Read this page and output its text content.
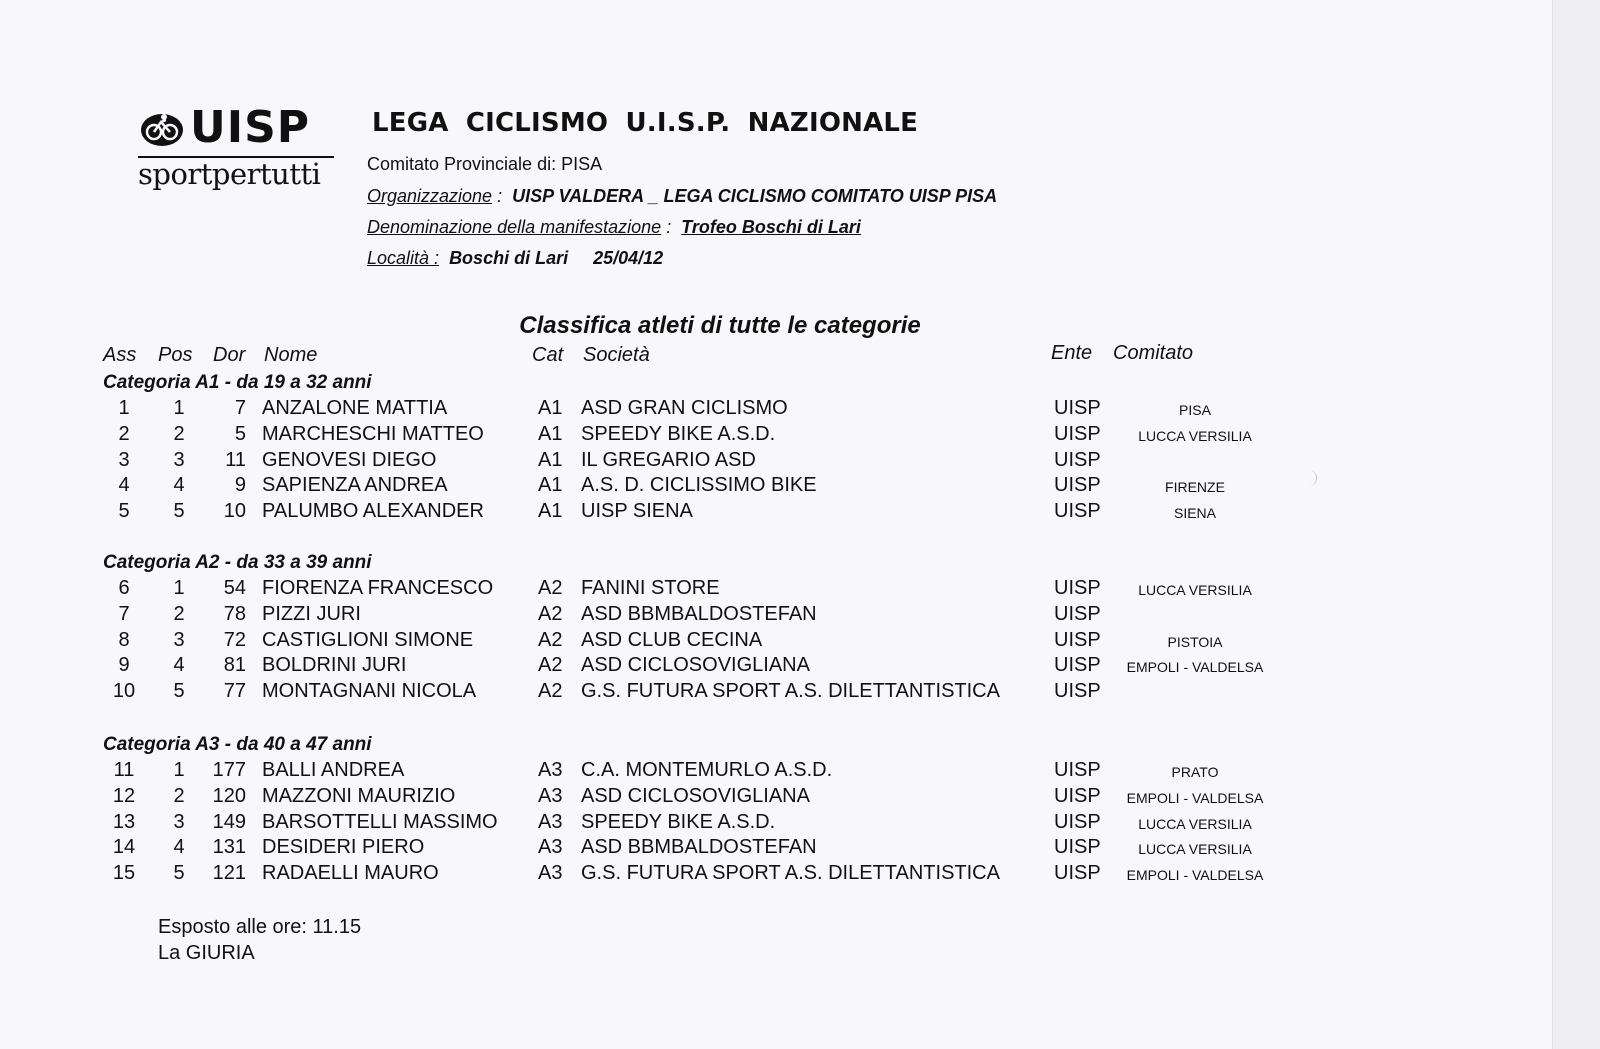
UISP
sportpertutti
LEGA CICLISMO U.I.S.P. NAZIONALE
Comitato Provinciale di: PISA
Organizzazione :  UISP VALDERA _ LEGA CICLISMO COMITATO UISP PISA
Denominazione della manifestazione :  Trofeo Boschi di Lari
Località : Boschi di Lari 25/04/12
Classifica atleti di tutte le categorie
Ass Pos Dor Nome	Cat Società	Ente Comitato
Categoria A1 - da 19 a 32 anni
1	1	7 ANZALONE MATTIA	A1 ASD GRAN CICLISMO	UISP	PISA
2	2	5 MARCHESCHI MATTEO	A1 SPEEDY BIKE A.S.D.	UISP	LUCCA VERSILIA
3	3	11 GENOVESI DIEGO	A1 IL GREGARIO ASD	UISP
4	4	9 SAPIENZA ANDREA	A1 A.S. D. CICLISSIMO BIKE	UISP	FIRENZE
5	5	10 PALUMBO ALEXANDER	A1 UISP SIENA	UISP	SIENA
Categoria A2 - da 33 a 39 anni
6	1	54 FIORENZA FRANCESCO A2 FANINI STORE	UISP	LUCCA VERSILIA
7	2	78 PIZZI JURI	A2 ASD BBMBALDOSTEFAN	UISP
8	3	72 CASTIGLIONI SIMONE	A2 ASD CLUB CECINA	UISP	PISTOIA
9	4	81 BOLDRINI JURI	A2 ASD CICLOSOVIGLIANA	UISP	EMPOLI - VALDELSA
10	5	77 MONTAGNANI NICOLA	A2 G.S. FUTURA SPORT A.S. DILETTANTISTICA	UISP
Categoria A3 - da 40 a 47 anni
11	1	177 BALLI ANDREA	A3 C.A. MONTEMURLO A.S.D.	UISP	PRATO
12	2	120 MAZZONI MAURIZIO	A3 ASD CICLOSOVIGLIANA	UISP	EMPOLI - VALDELSA
13	3	149 BARSOTTELLI MASSIMO A3 SPEEDY BIKE A.S.D.	UISP	LUCCA VERSILIA
14	4	131 DESIDERI PIERO	A3 ASD BBMBALDOSTEFAN	UISP	LUCCA VERSILIA
15	5	121 RADAELLI MAURO	A3 G.S. FUTURA SPORT A.S. DILETTANTISTICA	UISP	EMPOLI - VALDELSA
Esposto alle ore: 11.15
La GIURIA
